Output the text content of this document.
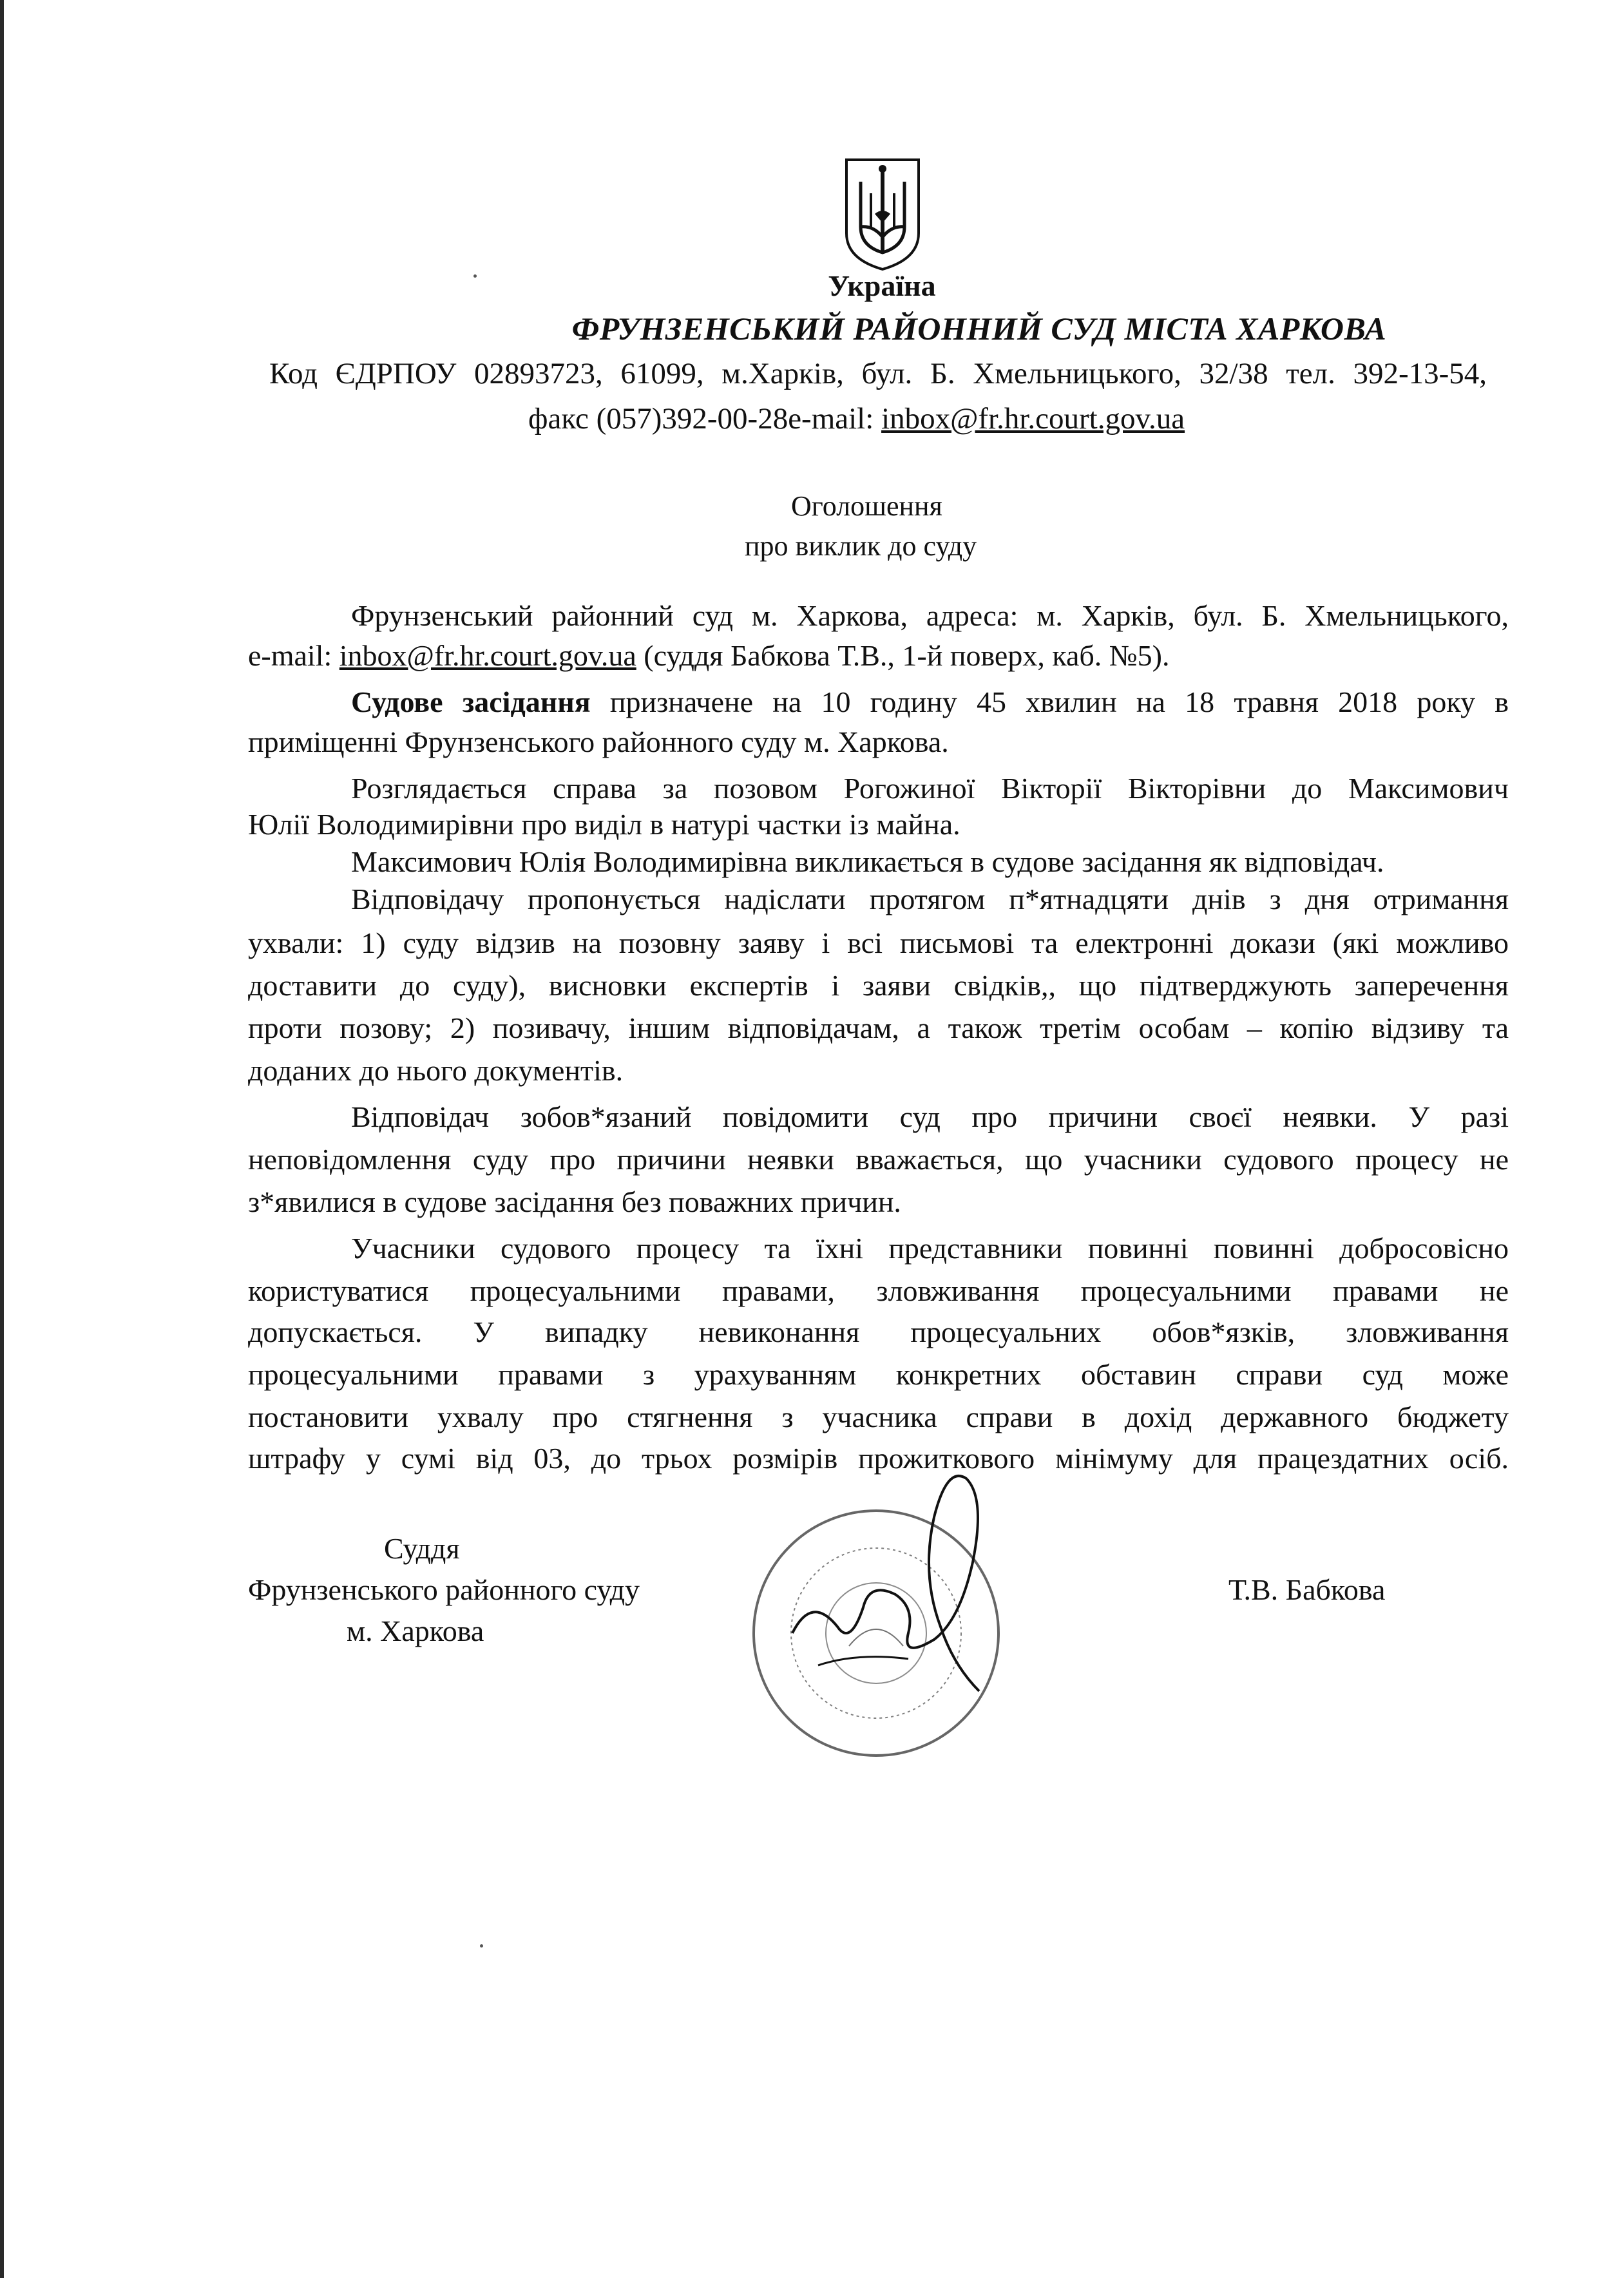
Україна
ФРУНЗЕНСЬКИЙ РАЙОННИЙ СУД МІСТА ХАРКОВА
Код ЄДРПОУ 02893723, 61099, м.Харків, бул. Б. Хмельницького, 32/38 тел. 392-13-54,
факс (057)392-00-28e-mail: inbox@fr.hr.court.gov.ua
Оголошення
про виклик до суду
Фрунзенський районний суд м. Харкова, адреса: м. Харків, бул. Б. Хмельницького,
e-mail: inbox@fr.hr.court.gov.ua (суддя Бабкова Т.В., 1-й поверх, каб. №5).
Судове засідання призначене на 10 годину 45 хвилин на 18 травня 2018 року в
приміщенні Фрунзенського районного суду м. Харкова.
Розглядається справа за позовом Рогожиної Вікторії Вікторівни до Максимович
Юлії Володимирівни про виділ в натурі частки із майна.
Максимович Юлія Володимирівна викликається в судове засідання як відповідач.
Відповідачу пропонується надіслати протягом п*ятнадцяти днів з дня отримання
ухвали: 1) суду відзив на позовну заяву і всі письмові та електронні докази (які можливо
доставити до суду), висновки експертів і заяви свідків,, що підтверджують заперечення
проти позову; 2) позивачу, іншим відповідачам, а також третім особам – копію відзиву та
доданих до нього документів.
Відповідач зобов*язаний повідомити суд про причини своєї неявки. У разі
неповідомлення суду про причини неявки вважається, що учасники судового процесу не
з*явилися в судове засідання без поважних причин.
Учасники судового процесу та їхні представники повинні повинні добросовісно
користуватися процесуальними правами, зловживання процесуальними правами не
допускається. У випадку невиконання процесуальних обов*язків, зловживання
процесуальними правами з урахуванням конкретних обставин справи суд може
постановити ухвалу про стягнення з учасника справи в дохід державного бюджету
штрафу у сумі від 03, до трьох розмірів прожиткового мінімуму для працездатних осіб.
Суддя
Фрунзенського районного суду
м. Харкова
Т.В. Бабкова
